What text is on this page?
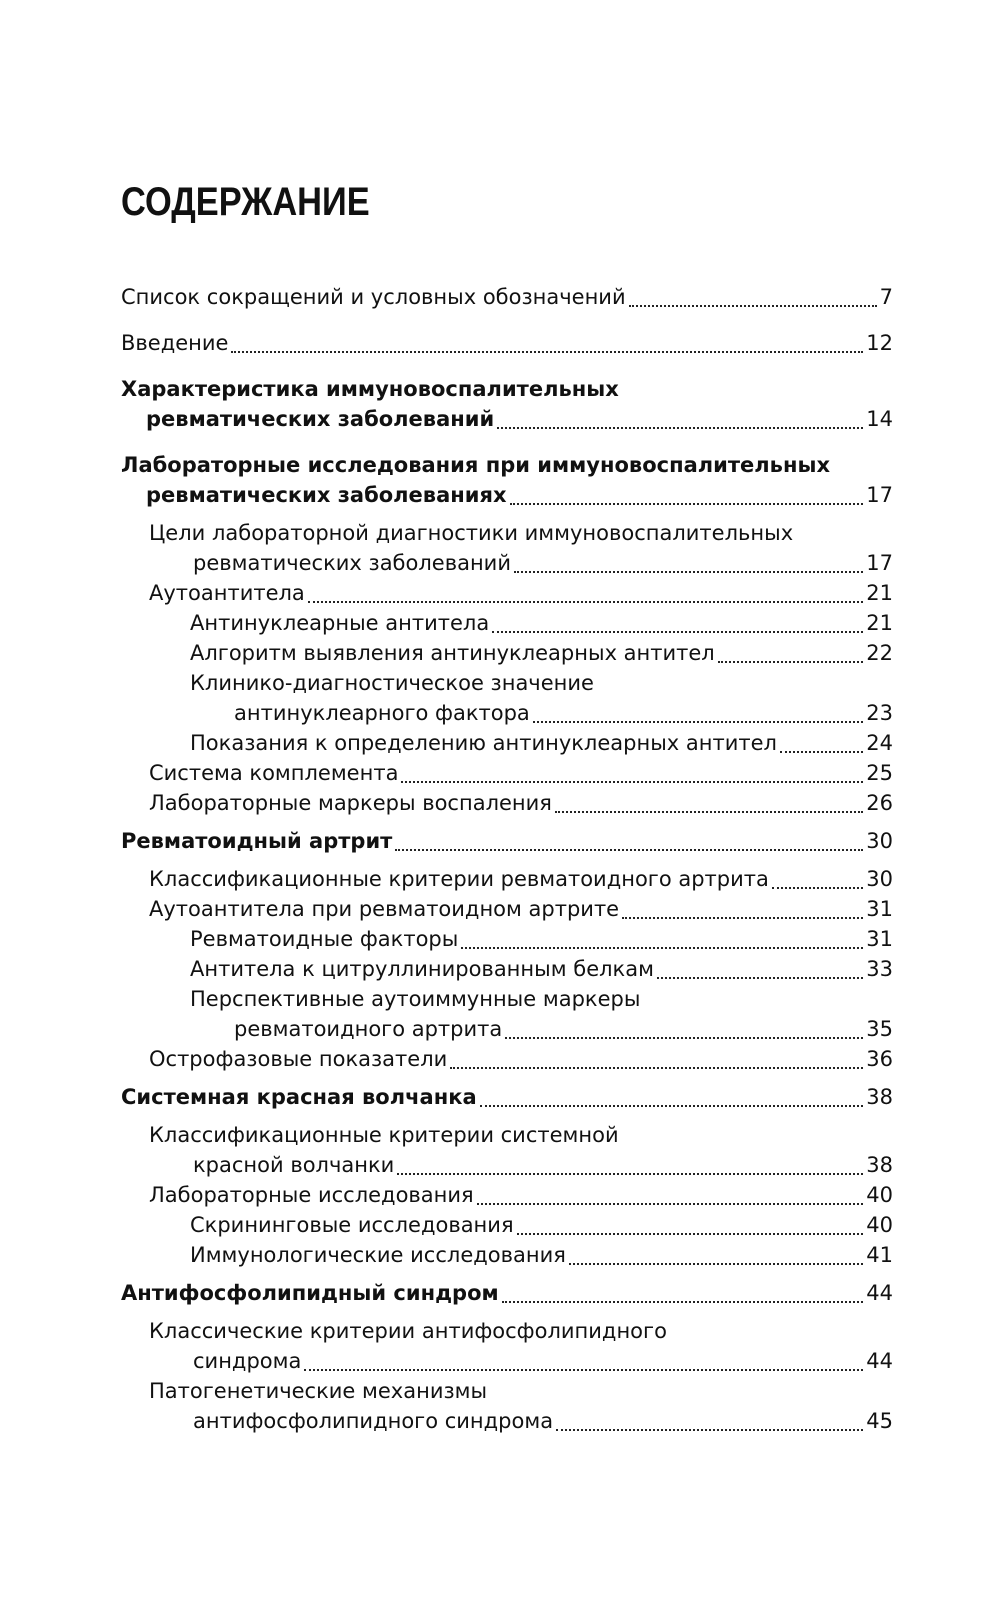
СОДЕРЖАНИЕ
Список сокращений и условных обозначений	7
Введение	12
Характеристика иммуновоспалительных
ревматических заболеваний	14
Лабораторные исследования при иммуновоспалительных
ревматических заболеваниях	17
Цели лабораторной диагностики иммуновоспалительных
ревматических заболеваний	17
Аутоантитела	21
Антинуклеарные антитела	21
Алгоритм выявления антинуклеарных антител	22
Клинико-диагностическое значение
антинуклеарного фактора	23
Показания к определению антинуклеарных антител	24
Система комплемента	25
Лабораторные маркеры воспаления	26
Ревматоидный артрит	30
Классификационные критерии ревматоидного артрита	30
Аутоантитела при ревматоидном артрите	31
Ревматоидные факторы	31
Антитела к цитруллинированным белкам	33
Перспективные аутоиммунные маркеры
ревматоидного артрита	35
Острофазовые показатели	36
Системная красная волчанка	38
Классификационные критерии системной
красной волчанки	38
Лабораторные исследования	40
Скрининговые исследования	40
Иммунологические исследования	41
Антифосфолипидный синдром	44
Классические критерии антифосфолипидного
синдрома	44
Патогенетические механизмы
антифосфолипидного синдрома	45
